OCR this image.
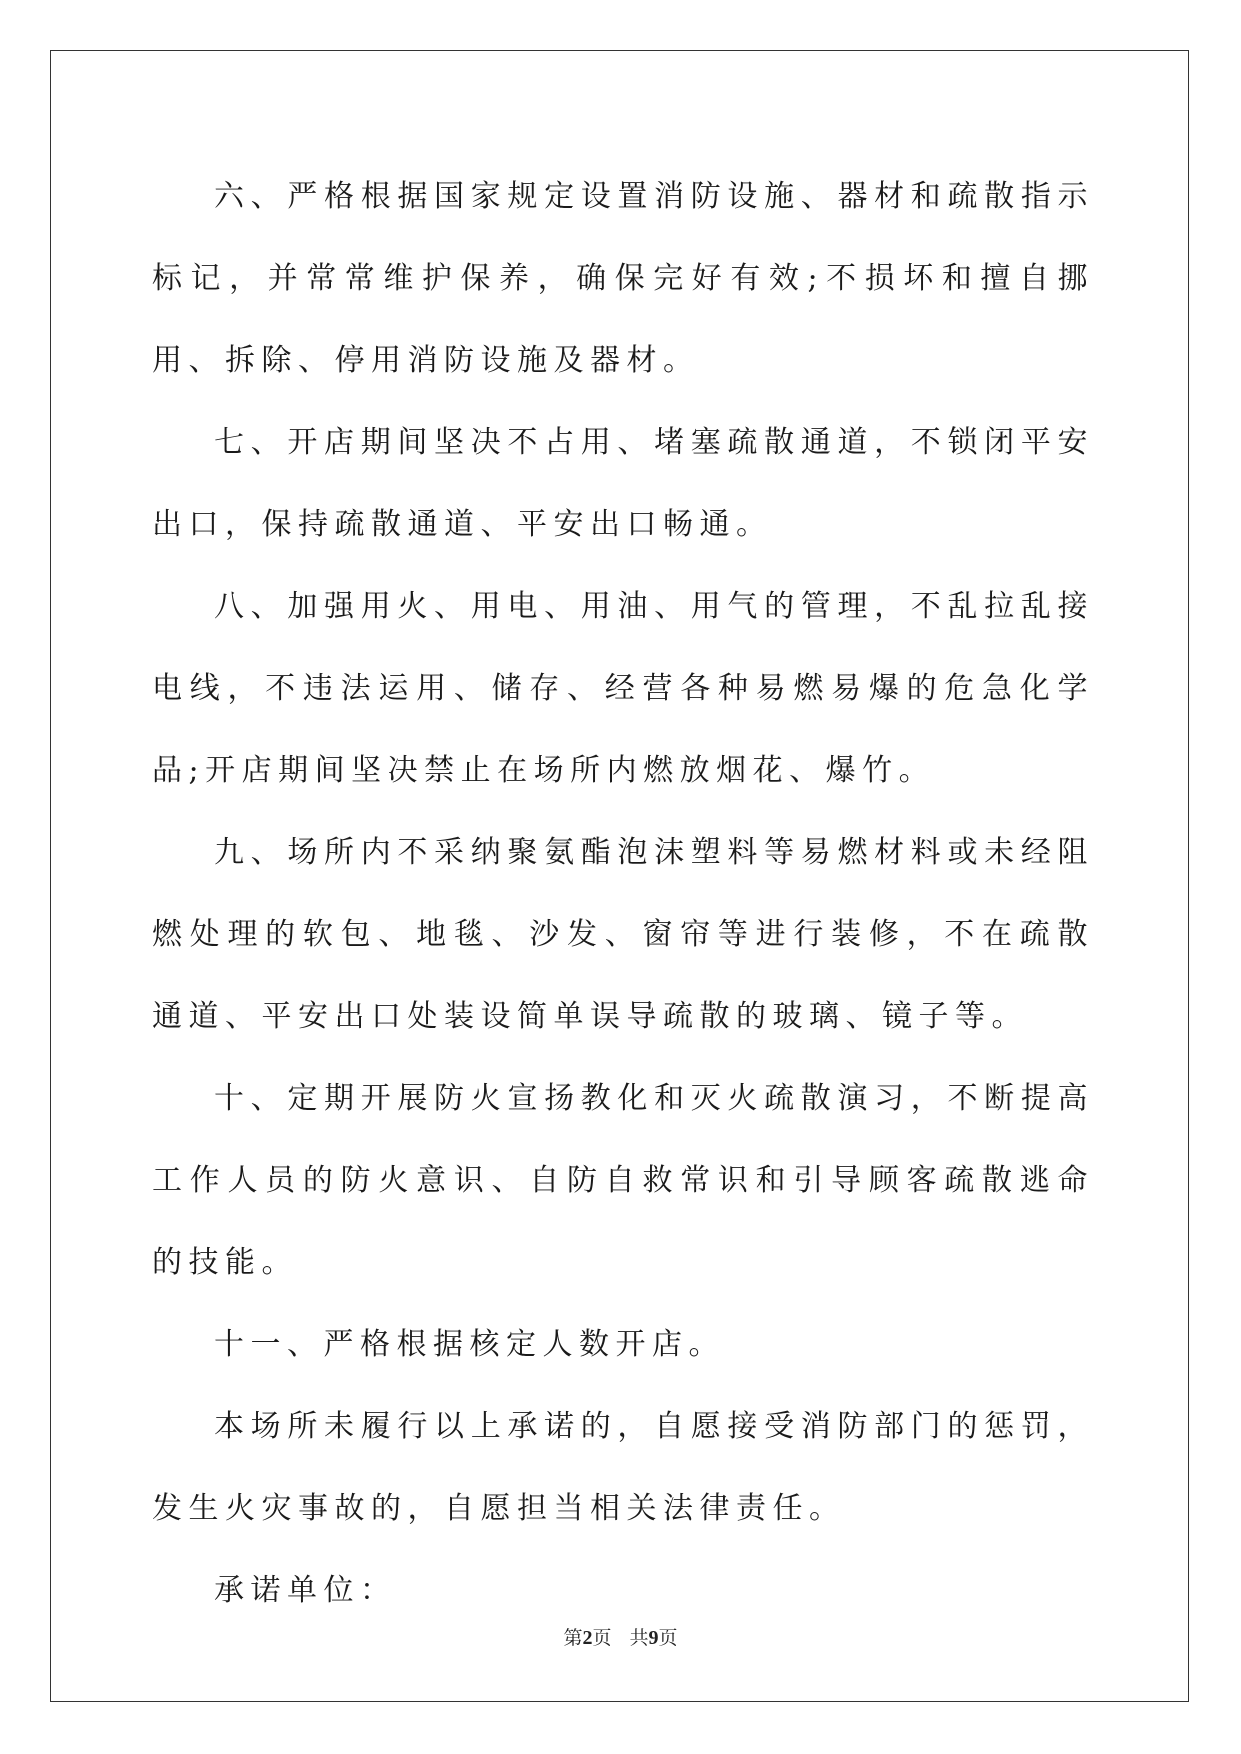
六、严格根据国家规定设置消防设施、器材和疏散指示标记，并常常维护保养，确保完好有效;不损坏和擅自挪用、拆除、停用消防设施及器材。

七、开店期间坚决不占用、堵塞疏散通道，不锁闭平安出口，保持疏散通道、平安出口畅通。

八、加强用火、用电、用油、用气的管理，不乱拉乱接电线，不违法运用、储存、经营各种易燃易爆的危急化学品;开店期间坚决禁止在场所内燃放烟花、爆竹。

九、场所内不采纳聚氨酯泡沫塑料等易燃材料或未经阻燃处理的软包、地毯、沙发、窗帘等进行装修，不在疏散通道、平安出口处装设简单误导疏散的玻璃、镜子等。

十、定期开展防火宣扬教化和灭火疏散演习，不断提高工作人员的防火意识、自防自救常识和引导顾客疏散逃命的技能。

十一、严格根据核定人数开店。

本场所未履行以上承诺的，自愿接受消防部门的惩罚，发生火灾事故的，自愿担当相关法律责任。

承诺单位：

第2页 共9页
